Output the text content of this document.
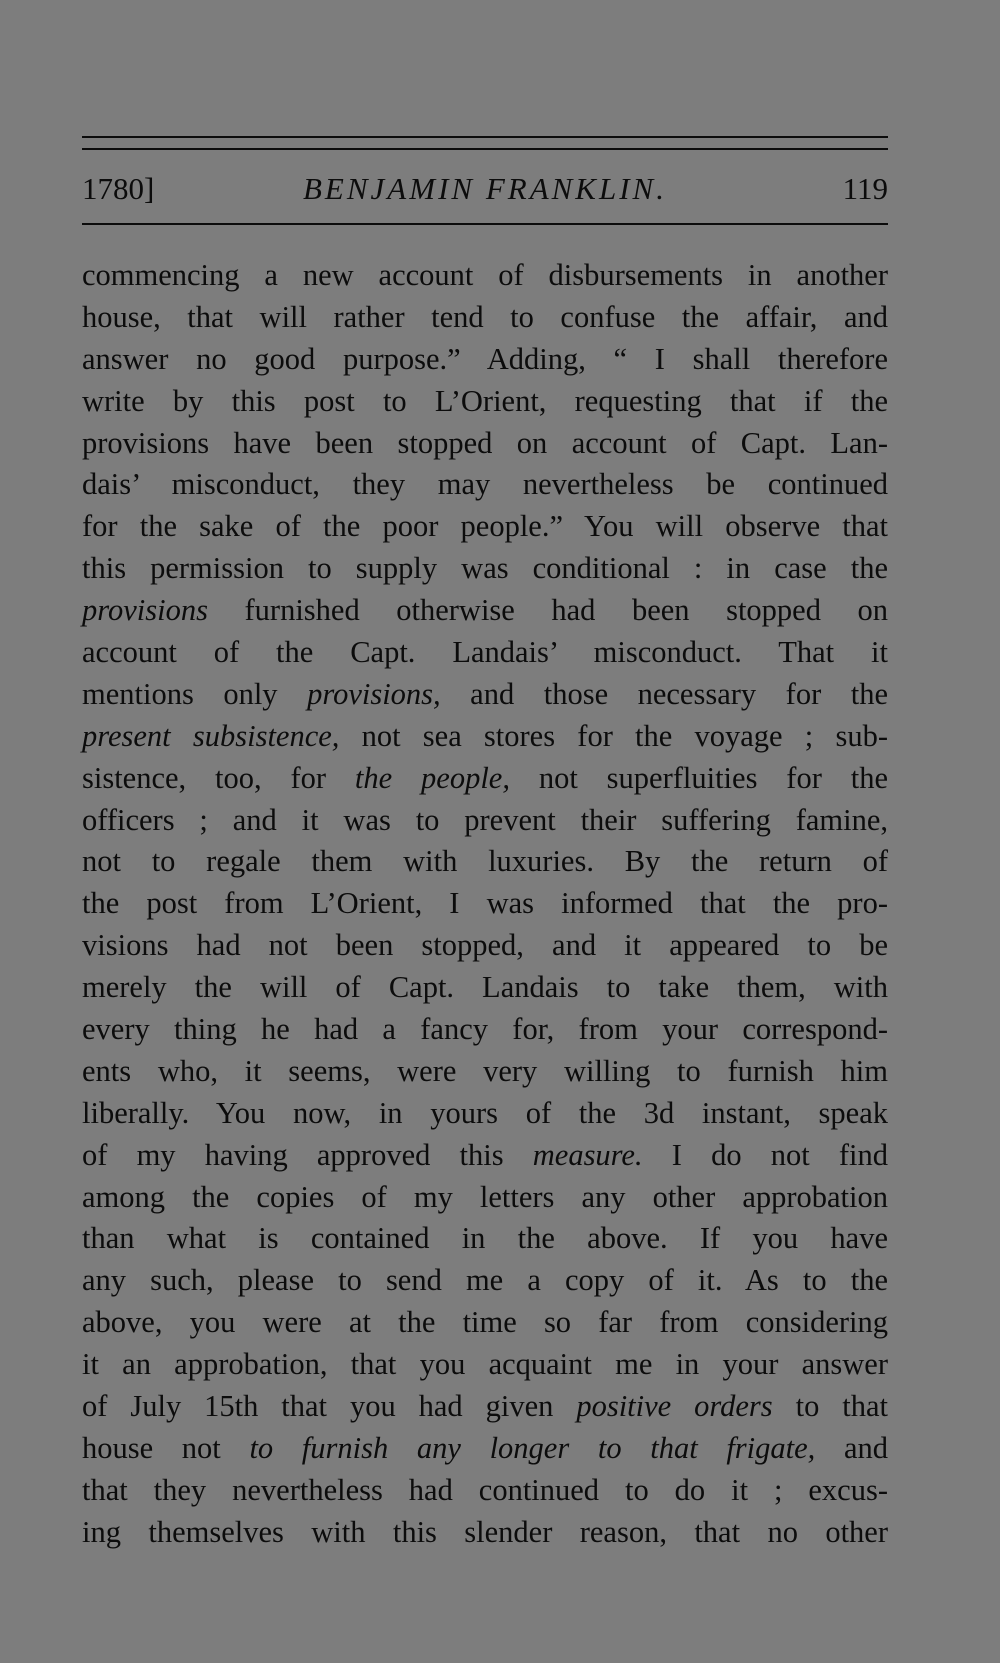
1780]	BENJAMIN FRANKLIN.	119
commencing a new account of disbursements in another
house, that will rather tend to confuse the affair, and
answer no good purpose.” Adding, “ I shall therefore
write by this post to L’Orient, requesting that if the
provisions have been stopped on account of Capt. Lan-
dais’ misconduct, they may nevertheless be continued
for the sake of the poor people.” You will observe that
this permission to supply was conditional : in case the
provisions furnished otherwise had been stopped on
account of the Capt. Landais’ misconduct. That it
mentions only provisions, and those necessary for the
present subsistence, not sea stores for the voyage ; sub-
sistence, too, for the people, not superfluities for the
officers ; and it was to prevent their suffering famine,
not to regale them with luxuries. By the return of
the post from L’Orient, I was informed that the pro-
visions had not been stopped, and it appeared to be
merely the will of Capt. Landais to take them, with
every thing he had a fancy for, from your correspond-
ents who, it seems, were very willing to furnish him
liberally. You now, in yours of the 3d instant, speak
of my having approved this measure. I do not find
among the copies of my letters any other approbation
than what is contained in the above. If you have
any such, please to send me a copy of it. As to the
above, you were at the time so far from considering
it an approbation, that you acquaint me in your answer
of July 15th that you had given positive orders to that
house not to furnish any longer to that frigate, and
that they nevertheless had continued to do it ; excus-
ing themselves with this slender reason, that no other
